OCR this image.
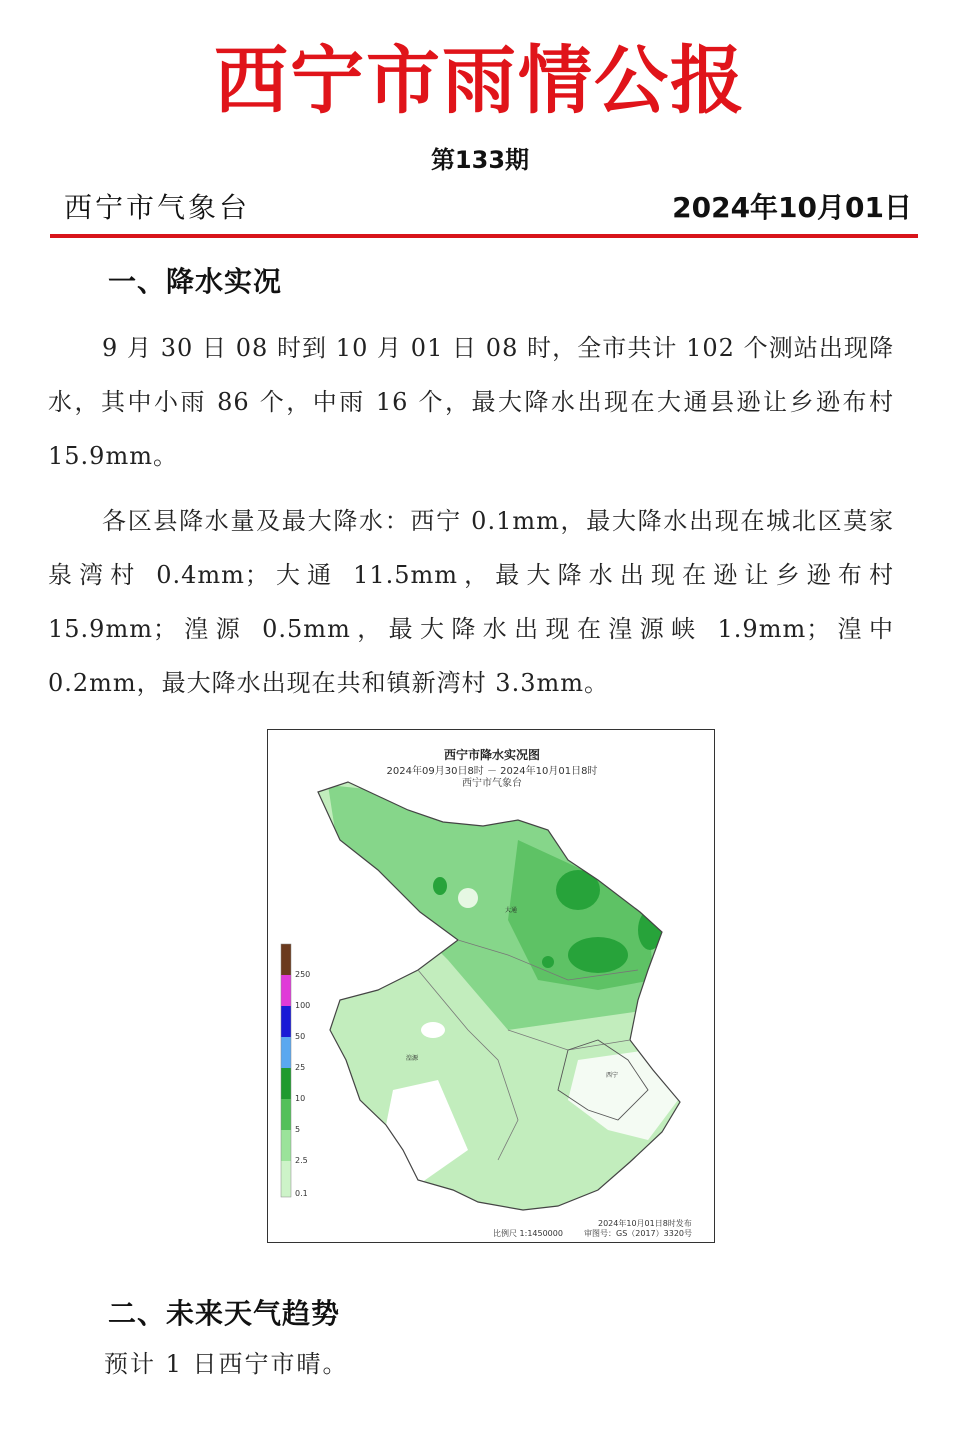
西宁市雨情公报
第133期
西宁市气象台	2024年10月01日
一、降水实况
9 月 30 日 08 时到 10 月 01 日 08 时，全市共计 102 个测站出现降水，其中小雨 86 个，中雨 16 个，最大降水出现在大通县逊让乡逊布村 15.9mm。
各区县降水量及最大降水：西宁 0.1mm，最大降水出现在城北区莫家泉湾村 0.4mm；大通 11.5mm，最大降水出现在逊让乡逊布村 15.9mm；湟源 0.5mm，最大降水出现在湟源峡 1.9mm；湟中 0.2mm，最大降水出现在共和镇新湾村 3.3mm。
西宁市降水实况图
2024年09月30日8时 － 2024年10月01日8时
西宁市气象台
大通
湟源
西宁
250
100
50
25
10
5
2.5
0.1
比例尺 1:1450000
2024年10月01日8时发布
审图号：GS（2017）3320号
二、未来天气趋势
预计 1 日西宁市晴。
